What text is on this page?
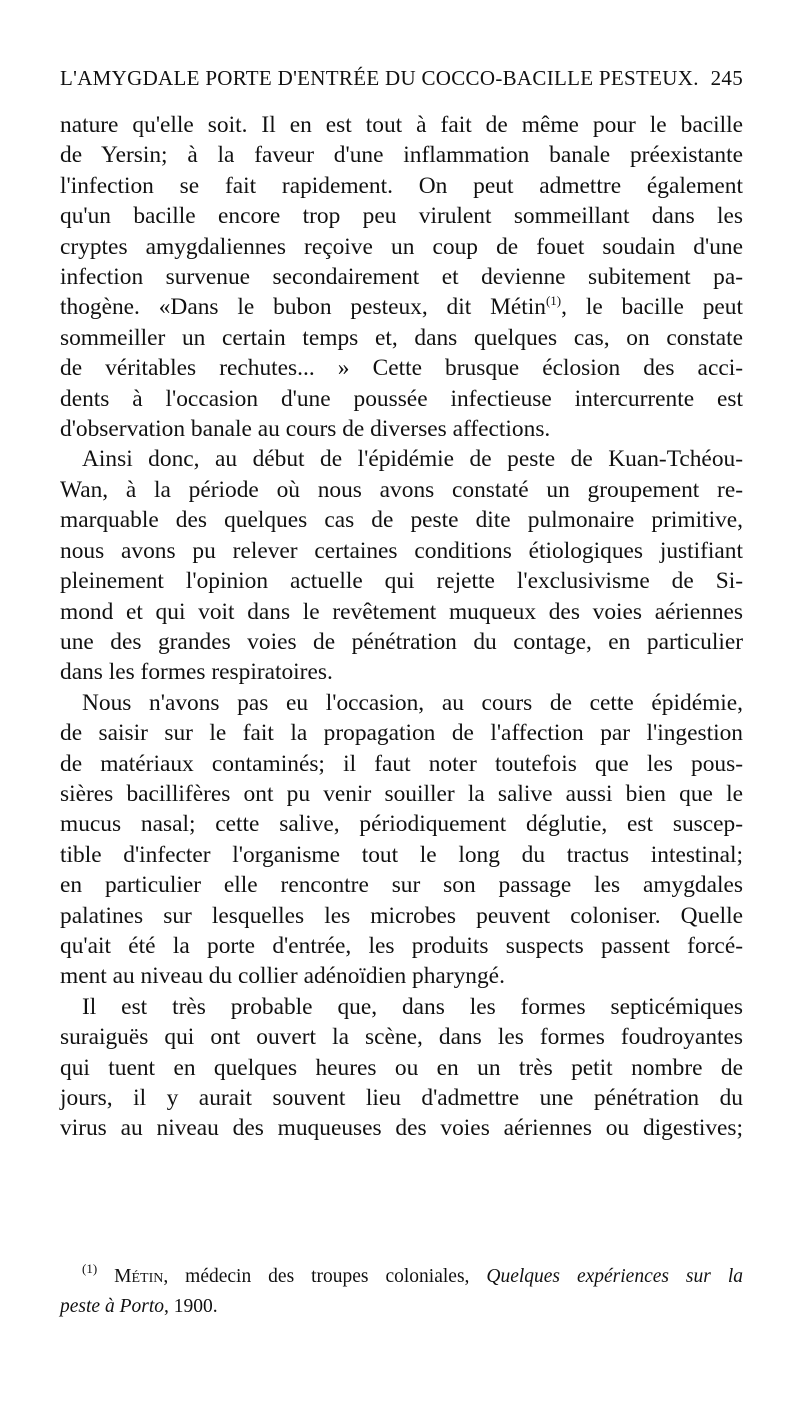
L'AMYGDALE PORTE D'ENTRÉE DU COCCO-BACILLE PESTEUX. 245
nature qu'elle soit. Il en est tout à fait de même pour le bacille
de Yersin; à la faveur d'une inflammation banale préexistante
l'infection se fait rapidement. On peut admettre également
qu'un bacille encore trop peu virulent sommeillant dans les
cryptes amygdaliennes reçoive un coup de fouet soudain d'une
infection survenue secondairement et devienne subitement pa-
thogène. «Dans le bubon pesteux, dit Métin$^{(1)}$, le bacille peut
sommeiller un certain temps et, dans quelques cas, on constate
de véritables rechutes... » Cette brusque éclosion des acci-
dents à l'occasion d'une poussée infectieuse intercurrente est
d'observation banale au cours de diverses affections.
Ainsi donc, au début de l'épidémie de peste de Kuan-Tchéou-
Wan, à la période où nous avons constaté un groupement re-
marquable des quelques cas de peste dite pulmonaire primitive,
nous avons pu relever certaines conditions étiologiques justifiant
pleinement l'opinion actuelle qui rejette l'exclusivisme de Si-
mond et qui voit dans le revêtement muqueux des voies aériennes
une des grandes voies de pénétration du contage, en particulier
dans les formes respiratoires.
Nous n'avons pas eu l'occasion, au cours de cette épidémie,
de saisir sur le fait la propagation de l'affection par l'ingestion
de matériaux contaminés; il faut noter toutefois que les pous-
sières bacillifères ont pu venir souiller la salive aussi bien que le
mucus nasal; cette salive, périodiquement déglutie, est suscep-
tible d'infecter l'organisme tout le long du tractus intestinal;
en particulier elle rencontre sur son passage les amygdales
palatines sur lesquelles les microbes peuvent coloniser. Quelle
qu'ait été la porte d'entrée, les produits suspects passent forcé-
ment au niveau du collier adénoïdien pharyngé.
Il est très probable que, dans les formes septicémiques
suraiguës qui ont ouvert la scène, dans les formes foudroyantes
qui tuent en quelques heures ou en un très petit nombre de
jours, il y aurait souvent lieu d'admettre une pénétration du
virus au niveau des muqueuses des voies aériennes ou digestives;
$^{(1)}$ Métin, médecin des troupes coloniales, Quelques expériences sur la
peste à Porto, 1900.
